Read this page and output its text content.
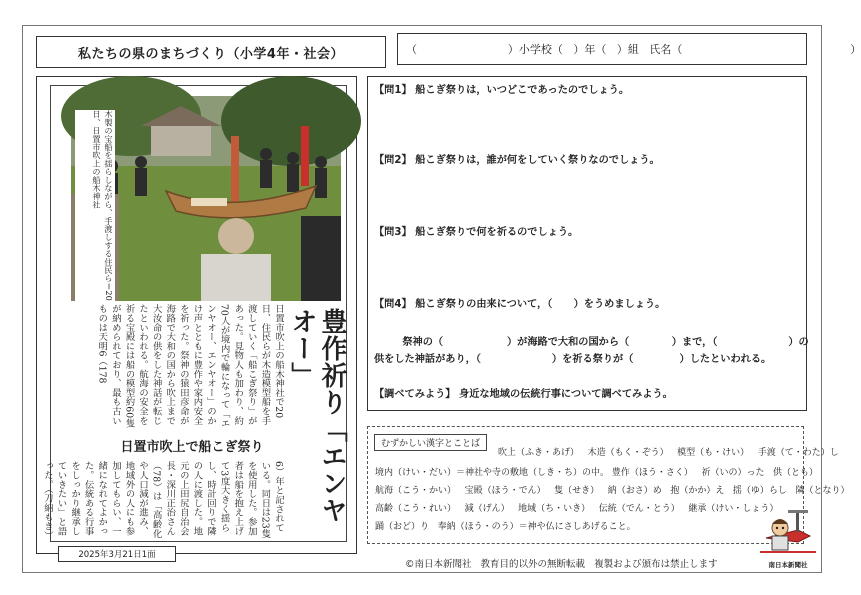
私たちの県のまちづくり（小学4年・社会）	（                          ）小学校（   ）年（   ）組   氏名（                                                ）
木製の宝船を揺らしながら、手渡しする住民ら＝20日、日置市吹上の船木神社
豊作祈り「エンヤオー」
日置市吹上の船木神社で20日、住民らが木造模型船を手渡していく「船こぎ祭り」があった。見物人も加わり、約70人が境内で輪になって「エンヤオー、エンヤオー」のかけ声とともに豊作や家内安全を祈った。祭神の猿田彦命が海路で大和の国から吹上まで大汝命の供をした神話が転じたといわれる。航海の安全を祈る宝殿には船の模型約60隻が納められており、最も古いものは天明6（178
日置市吹上で船こぎ祭り
6）年と記されている。同日は23隻を使用した。参加者は船を抱え上げて3度大きく揺らし、時計回りで隣の人に渡した。地元の上田尻自治会長・深川正治さん（78）は「高齢化や人口減が進み、地域外の人にも参加してもらい、一緒になれてよかった。伝統ある行事をしっかり継承していきたい」と語った。（刀納もき）
2025年3月21日1面
【問1】 船こぎ祭りは，いつどこであったのでしょう。
【問2】 船こぎ祭りは，誰が何をしていく祭りなのでしょう。
【問3】 船こぎ祭りで何を祈るのでしょう。
【問4】 船こぎ祭りの由来について，（      ）をうめましょう。
祭神の（                  ）が海路で大和の国から（            ）まで，（                    ）の
供をした神話があり，（                    ）を祈る祭りが（             ）したといわれる。
【調べてみよう】 身近な地域の伝統行事について調べてみよう。
むずかしい漢字とことば
吹上（ふき・あげ）   木造（もく・ぞう）   模型（も・けい）   手渡（て・わた）し
境内（けい・だい）＝神社や寺の敷地（しき・ち）の中。 豊作（ほう・さく）   祈（いの）った   供（とも）
航海（こう・かい）   宝殿（ほう・でん）   隻（せき）   納（おさ）め   抱（かか）え   揺（ゆ）らし   隣（となり）
高齢（こう・れい）   減（げん）   地域（ち・いき）   伝統（でん・とう）   継承（けい・しょう）
踊（おど）り   奉納（ほう・のう）＝神や仏にさしあげること。
©南日本新聞社   教育目的以外の無断転載   複製および頒布は禁止します	南日本新聞社
